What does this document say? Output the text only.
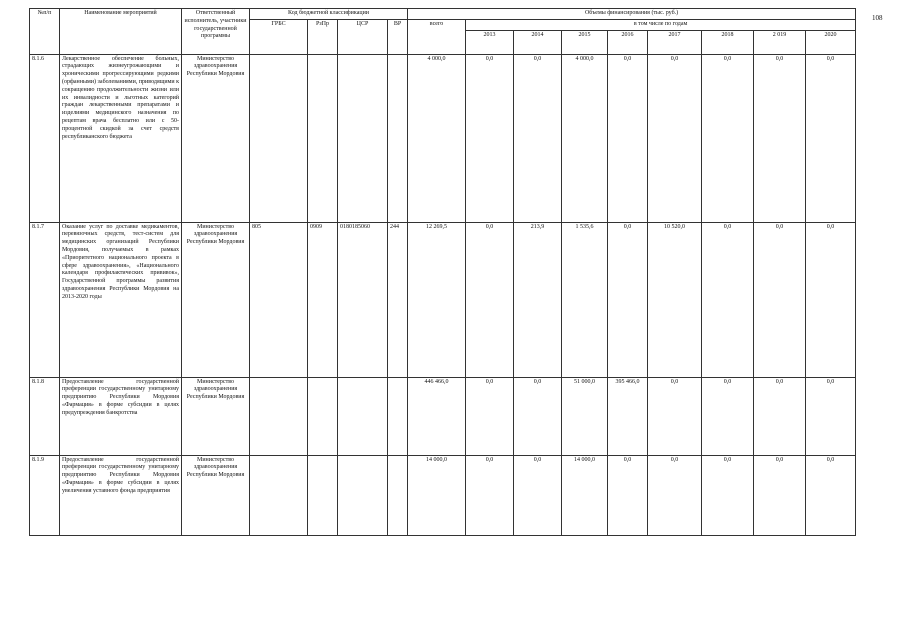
108
№п/п	Наименование мероприятий	Ответственный исполнитель, участники государственной программы	Код бюджетной классификации				Объемы финансирования (тыс. руб.)								
			ГРБС	РзПр	ЦСР	ВР	всего	в том числе по годам							
								2013	2014	2015	2016	2017	2018	2 019	2020
8.1.6	Лекарственное обеспечение больных, страдающих жизнеугрожающими и хроническими прогрессирующими редкими (орфанными) заболеваниями, приводящими к сокращению продолжительности жизни или их инвалидности и льготных категорий граждан лекарственными препаратами и изделиями медицинского назначения по рецептам врача бесплатно или с 50-процентной скидкой за счет средств республиканского бюджета	Министерство здравоохранения Республики Мордовия					4 000,0	0,0	0,0	4 000,0	0,0	0,0	0,0	0,0	0,0
8.1.7	Оказание услуг по доставке медикаментов, перевязочных средств, тест-систем для медицинских организаций Республики Мордовия, получаемых в рамках «Приоритетного национального проекта в сфере здравоохранения», «Национального календаря профилактических прививок», Государственной программы развития здравоохранения Республики Мордовия на 2013-2020 годы	Министерство здравоохранения Республики Мордовия	805	0909	0180185060	244	12 269,5	0,0	213,9	1 535,6	0,0	10 520,0	0,0	0,0	0,0
8.1.8	Предоставление государственной преференции государственному унитарному предприятию Республики Мордовия «Фармация» в форме субсидии в целях предупреждения банкротства	Министерство здравоохранения Республики Мордовия					446 466,0	0,0	0,0	51 000,0	395 466,0	0,0	0,0	0,0	0,0
8.1.9	Предоставление государственной преференции государственному унитарному предприятию Республики Мордовия «Фармация» в форме субсидии в целях увеличения уставного фонда предприятия	Министерство здравоохранения Республики Мордовия					14 000,0	0,0	0,0	14 000,0	0,0	0,0	0,0	0,0	0,0
